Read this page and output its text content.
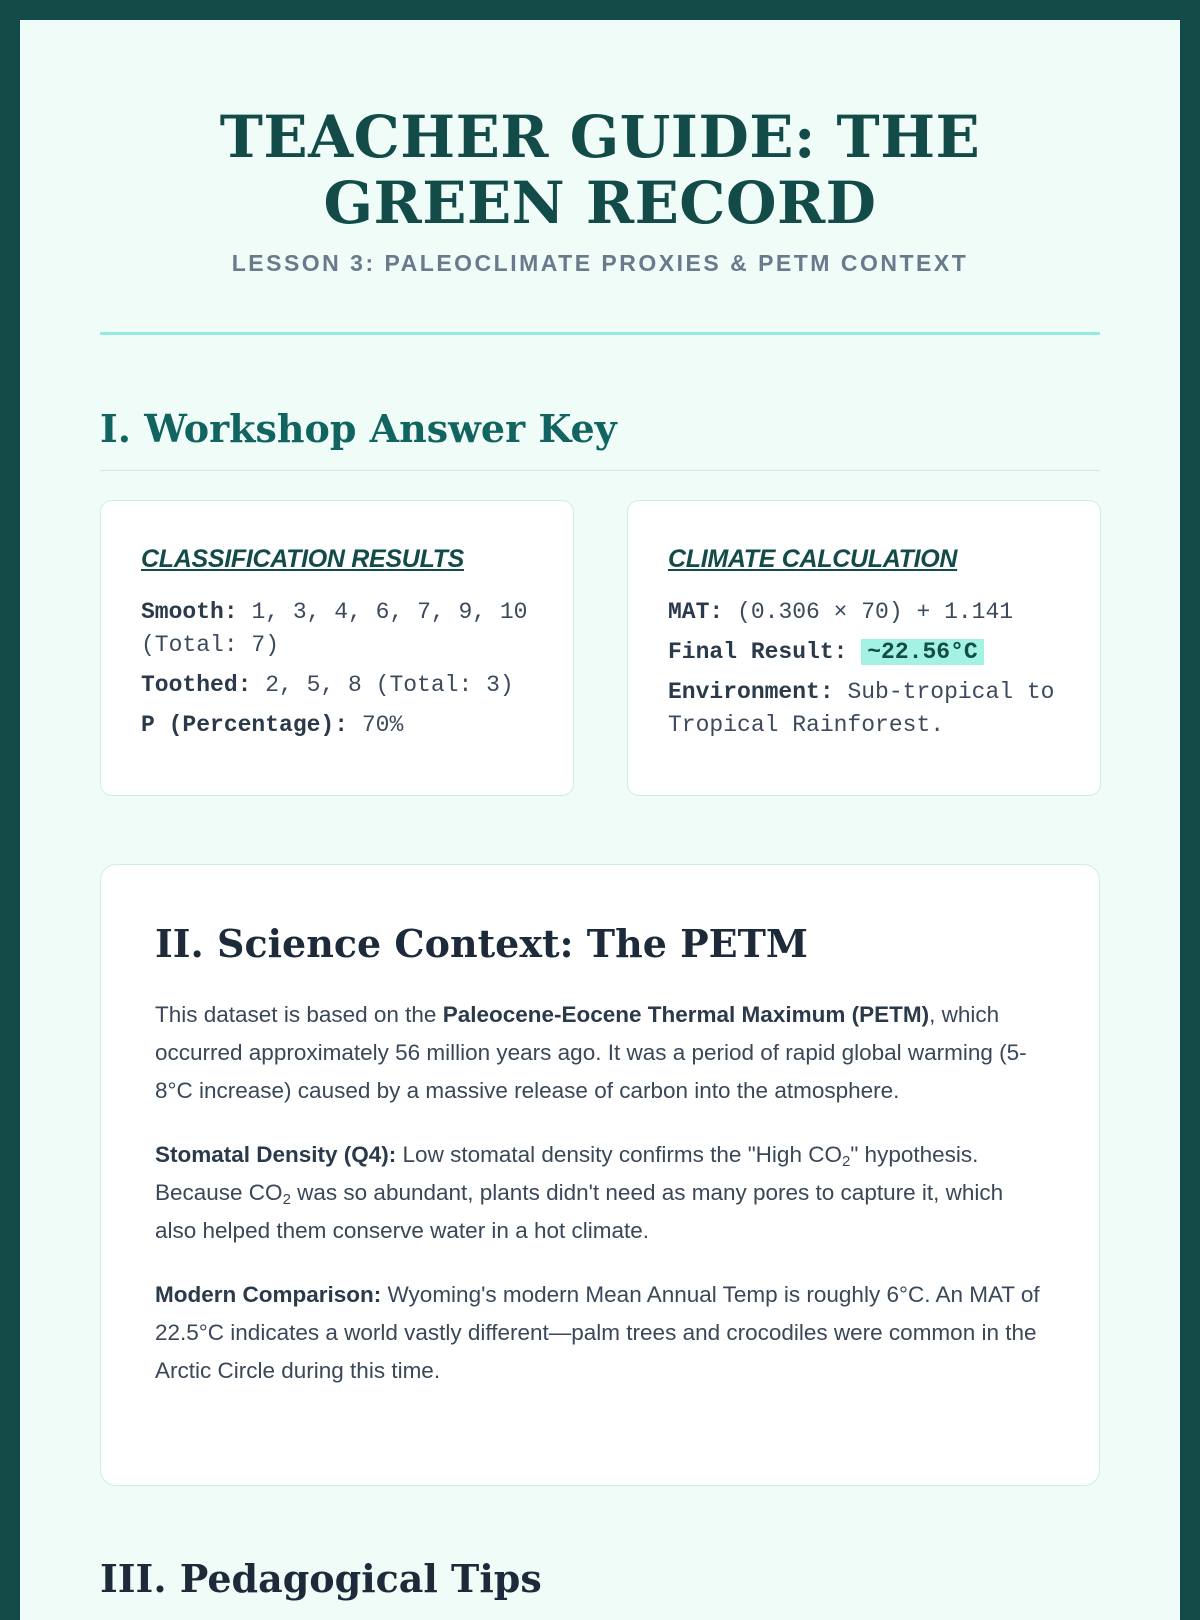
TEACHER GUIDE: THE GREEN RECORD
LESSON 3: PALEOCLIMATE PROXIES & PETM CONTEXT
I. Workshop Answer Key
CLASSIFICATION RESULTS

Smooth: 1, 3, 4, 6, 7, 9, 10 (Total: 7)

Toothed: 2, 5, 8 (Total: 3)

P (Percentage): 70%

CLIMATE CALCULATION

MAT: (0.306 × 70) + 1.141

Final Result: ~22.56°C

Environment: Sub-tropical to Tropical Rainforest.

II. Science Context: The PETM

This dataset is based on the Paleocene-Eocene Thermal Maximum (PETM), which occurred approximately 56 million years ago. It was a period of rapid global warming (5-8°C increase) caused by a massive release of carbon into the atmosphere.

Stomatal Density (Q4): Low stomatal density confirms the "High $CO_2$" hypothesis. Because $CO_2$ was so abundant, plants didn't need as many pores to capture it, which also helped them conserve water in a hot climate.

Modern Comparison: Wyoming's modern Mean Annual Temp is roughly 6°C. An MAT of 22.5°C indicates a world vastly different—palm trees and crocodiles were common in the Arctic Circle during this time.

III. Pedagogical Tips
